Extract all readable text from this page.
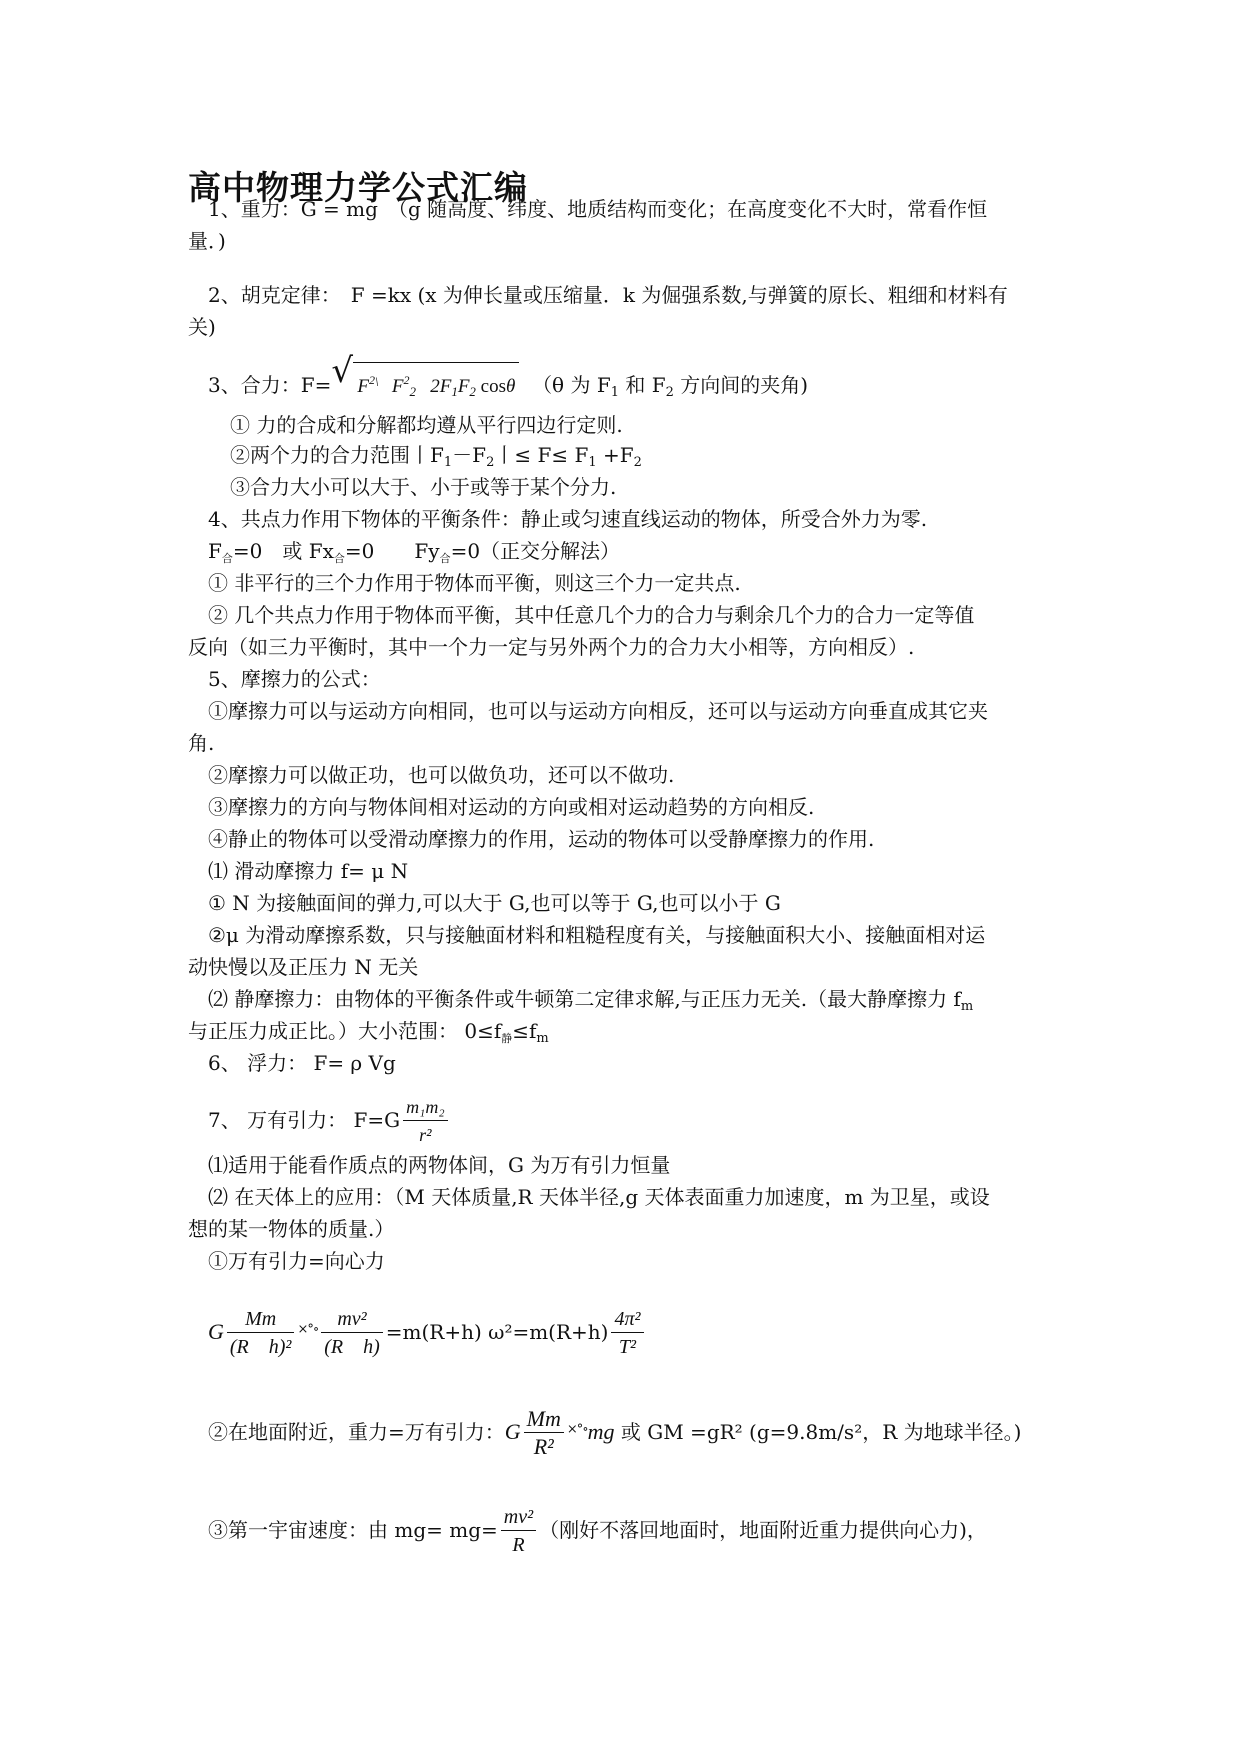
高中物理力学公式汇编
1、重力：G = mg　（g 随高度、纬度、地质结构而变化；在高度变化不大时，常看作恒
量．)
2、胡克定律：　F =kx (x 为伸长量或压缩量．k 为倔强系数,与弹簧的原长、粗细和材料有
关)
3、合力：F= √ $F^{2\backslash}$ $F^2_2$ $2F_1F_2$ cosθ （θ 为 $F_1$ 和 $F_2$ 方向间的夹角)
① 力的合成和分解都均遵从平行四边行定则.
②两个力的合力范围丨$F_1-F_2$丨≤ $F\le F_1 +F_2$
③合力大小可以大于、小于或等于某个分力.
4、共点力作用下物体的平衡条件：静止或匀速直线运动的物体，所受合外力为零.
$F_合=0$　或 $Fx_合=0$　　$Fy_合=0$（正交分解法）
① 非平行的三个力作用于物体而平衡，则这三个力一定共点.
② 几个共点力作用于物体而平衡，其中任意几个力的合力与剩余几个力的合力一定等值
反向（如三力平衡时，其中一个力一定与另外两个力的合力大小相等，方向相反）.
5、摩擦力的公式：
①摩擦力可以与运动方向相同，也可以与运动方向相反，还可以与运动方向垂直成其它夹
角.
②摩擦力可以做正功，也可以做负功，还可以不做功.
③摩擦力的方向与物体间相对运动的方向或相对运动趋势的方向相反.
④静止的物体可以受滑动摩擦力的作用，运动的物体可以受静摩擦力的作用.
⑴ 滑动摩擦力 f= μ N
① N 为接触面间的弹力,可以大于 G,也可以等于 G,也可以小于 G
②μ 为滑动摩擦系数，只与接触面材料和粗糙程度有关，与接触面积大小、接触面相对运
动快慢以及正压力 N 无关
⑵ 静摩擦力：由物体的平衡条件或牛顿第二定律求解,与正压力无关.（最大静摩擦力 $f_m$
与正压力成正比。）大小范围： $0\le f_静\le f_m$
6、 浮力： F= ρ Vg
7、 万有引力： $F=G \frac{\text{m₁m₂}}{\text{r²}}$
⑴适用于能看作质点的两物体间，G 为万有引力恒量
⑵ 在天体上的应用：（M 天体质量,R 天体半径,g 天体表面重力加速度，m 为卫星，或设
想的某一物体的质量.）
①万有引力=向心力
G $\frac{Mm}{\text{(R　h)²}} ^{\times^\circ\circ} \frac{\text{mv²}}{\text{(R　h)}} =m(R+h)$ $\omega^2=m(R+h) \frac{\text{4π²}}{\text{T²}}$
②在地面附近，重力=万有引力：G $\frac{Mm}{\text{R²}} ^{\times^\circ\circ}mg$ 或 GM =gR² (g=9.8m/s²，R 为地球半径。)
③第一宇宙速度：由 $mg= mg= \frac{\text{mv²}}{R}$ （刚好不落回地面时，地面附近重力提供向心力)，
